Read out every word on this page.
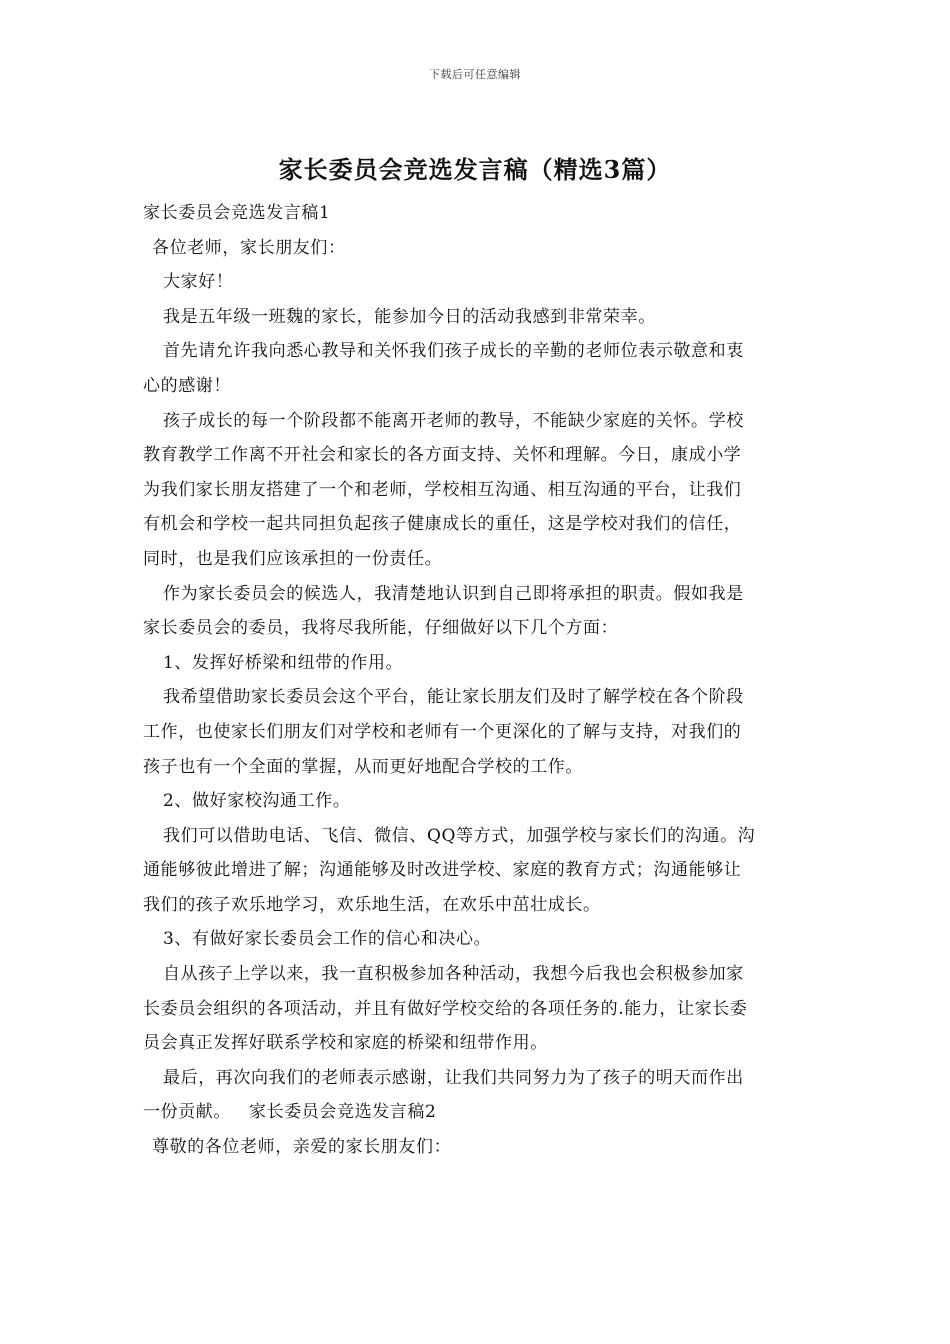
下载后可任意编辑
家长委员会竞选发言稿（精选3篇）
家长委员会竞选发言稿1
各位老师，家长朋友们：
大家好！
我是五年级一班魏的家长，能参加今日的活动我感到非常荣幸。
首先请允许我向悉心教导和关怀我们孩子成长的辛勤的老师位表示敬意和衷
心的感谢！
孩子成长的每一个阶段都不能离开老师的教导，不能缺少家庭的关怀。学校
教育教学工作离不开社会和家长的各方面支持、关怀和理解。今日，康成小学
为我们家长朋友搭建了一个和老师，学校相互沟通、相互沟通的平台，让我们
有机会和学校一起共同担负起孩子健康成长的重任，这是学校对我们的信任，
同时，也是我们应该承担的一份责任。
作为家长委员会的候选人，我清楚地认识到自己即将承担的职责。假如我是
家长委员会的委员，我将尽我所能，仔细做好以下几个方面：
1、发挥好桥梁和纽带的作用。
我希望借助家长委员会这个平台，能让家长朋友们及时了解学校在各个阶段
工作，也使家长们朋友们对学校和老师有一个更深化的了解与支持，对我们的
孩子也有一个全面的掌握，从而更好地配合学校的工作。
2、做好家校沟通工作。
我们可以借助电话、飞信、微信、QQ等方式，加强学校与家长们的沟通。沟
通能够彼此增进了解；沟通能够及时改进学校、家庭的教育方式；沟通能够让
我们的孩子欢乐地学习，欢乐地生活，在欢乐中茁壮成长。
3、有做好家长委员会工作的信心和决心。
自从孩子上学以来，我一直积极参加各种活动，我想今后我也会积极参加家
长委员会组织的各项活动，并且有做好学校交给的各项任务的.能力，让家长委
员会真正发挥好联系学校和家庭的桥梁和纽带作用。
最后，再次向我们的老师表示感谢，让我们共同努力为了孩子的明天而作出
一份贡献。 家长委员会竞选发言稿2
尊敬的各位老师，亲爱的家长朋友们：
